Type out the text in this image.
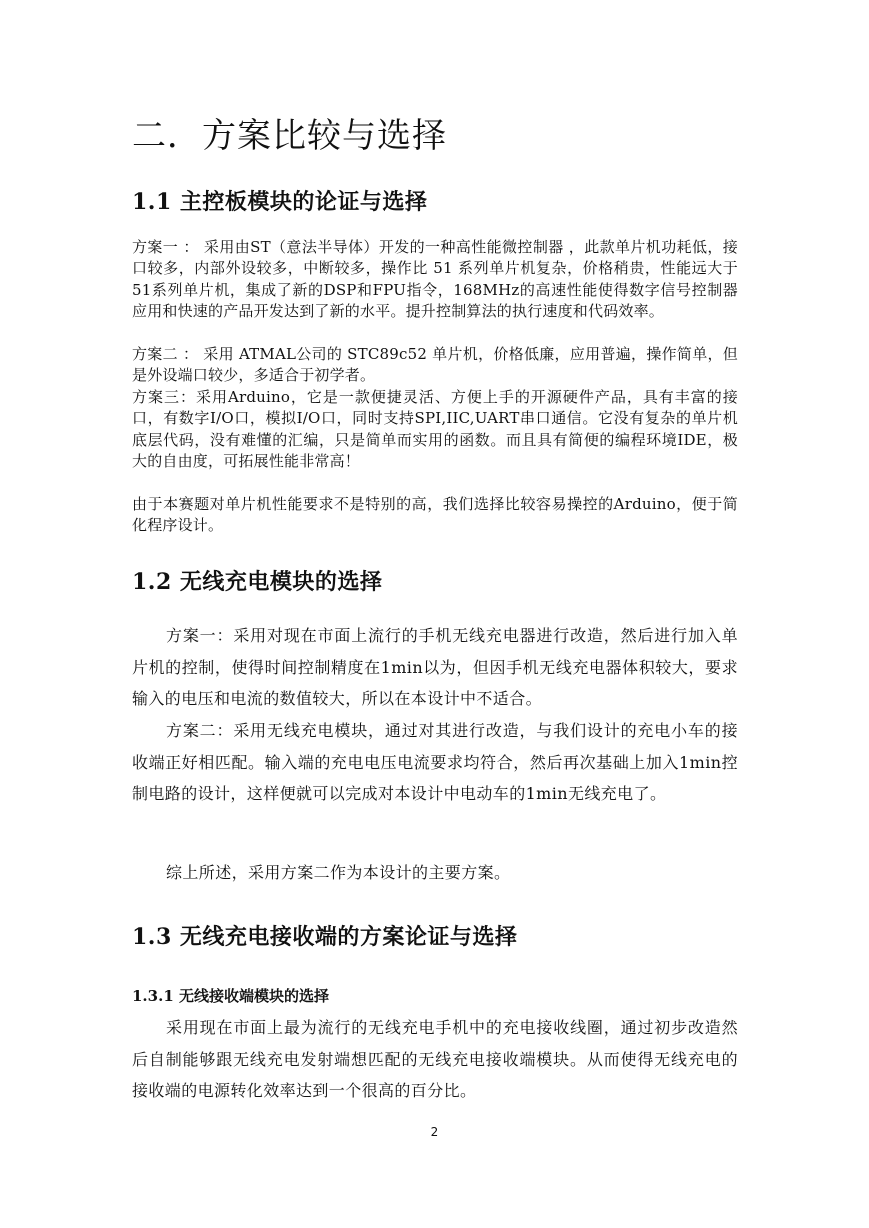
二．方案比较与选择
1.1 主控板模块的论证与选择
方案一 ： 采用由ST（意法半导体）开发的一种高性能微控制器 ，此款单片机功耗低，接口较多，内部外设较多，中断较多，操作比 51 系列单片机复杂，价格稍贵，性能远大于51系列单片机，集成了新的DSP和FPU指令，168MHz的高速性能使得数字信号控制器应用和快速的产品开发达到了新的水平。提升控制算法的执行速度和代码效率。
方案二 ： 采用 ATMAL公司的 STC89c52 单片机，价格低廉，应用普遍，操作简单，但是外设端口较少，多适合于初学者。
方案三：采用Arduino，它是一款便捷灵活、方便上手的开源硬件产品，具有丰富的接口，有数字I/O口，模拟I/O口，同时支持SPI,IIC,UART串口通信。它没有复杂的单片机底层代码，没有难懂的汇编，只是简单而实用的函数。而且具有简便的编程环境IDE，极大的自由度，可拓展性能非常高！
由于本赛题对单片机性能要求不是特别的高，我们选择比较容易操控的Arduino，便于简化程序设计。
1.2 无线充电模块的选择
方案一：采用对现在市面上流行的手机无线充电器进行改造，然后进行加入单片机的控制，使得时间控制精度在1min以为，但因手机无线充电器体积较大，要求输入的电压和电流的数值较大，所以在本设计中不适合。
方案二：采用无线充电模块，通过对其进行改造，与我们设计的充电小车的接收端正好相匹配。输入端的充电电压电流要求均符合，然后再次基础上加入1min控制电路的设计，这样便就可以完成对本设计中电动车的1min无线充电了。
综上所述，采用方案二作为本设计的主要方案。
1.3 无线充电接收端的方案论证与选择
1.3.1 无线接收端模块的选择
采用现在市面上最为流行的无线充电手机中的充电接收线圈，通过初步改造然后自制能够跟无线充电发射端想匹配的无线充电接收端模块。从而使得无线充电的接收端的电源转化效率达到一个很高的百分比。
2
